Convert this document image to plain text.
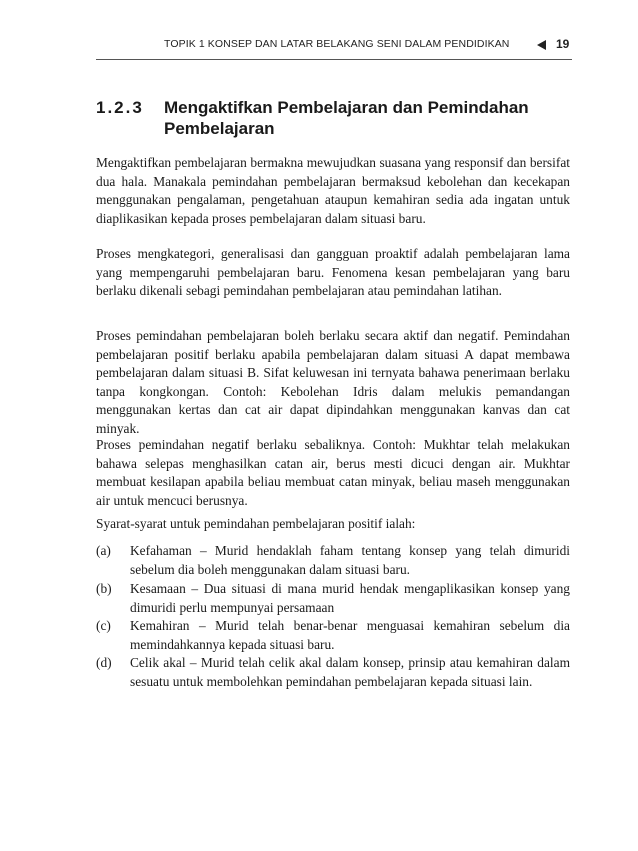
TOPIK 1 KONSEP DAN LATAR BELAKANG SENI DALAM PENDIDIKAN	19
1.2.3 Mengaktifkan Pembelajaran dan Pemindahan Pembelajaran

Mengaktifkan pembelajaran bermakna mewujudkan suasana yang responsif dan bersifat dua hala. Manakala pemindahan pembelajaran bermaksud kebolehan dan kecekapan menggunakan pengalaman, pengetahuan ataupun kemahiran sedia ada ingatan untuk diaplikasikan kepada proses pembelajaran dalam situasi baru.

Proses mengkategori, generalisasi dan gangguan proaktif adalah pembelajaran lama yang mempengaruhi pembelajaran baru. Fenomena kesan pembelajaran yang baru berlaku dikenali sebagi pemindahan pembelajaran atau pemindahan latihan.

Proses pemindahan pembelajaran boleh berlaku secara aktif dan negatif. Pemindahan pembelajaran positif berlaku apabila pembelajaran dalam situasi A dapat membawa pembelajaran dalam situasi B. Sifat keluwesan ini ternyata bahawa penerimaan berlaku tanpa kongkongan. Contoh: Kebolehan Idris dalam melukis pemandangan menggunakan kertas dan cat air dapat dipindahkan menggunakan kanvas dan cat minyak.

Proses pemindahan negatif berlaku sebaliknya. Contoh: Mukhtar telah melakukan bahawa selepas menghasilkan catan air, berus mesti dicuci dengan air. Mukhtar membuat kesilapan apabila beliau membuat catan minyak, beliau maseh menggunakan air untuk mencuci berusnya.

Syarat-syarat untuk pemindahan pembelajaran positif ialah:

(a) Kefahaman – Murid hendaklah faham tentang konsep yang telah dimuridi sebelum dia boleh menggunakan dalam situasi baru.
(b) Kesamaan – Dua situasi di mana murid hendak mengaplikasikan konsep yang dimuridi perlu mempunyai persamaan
(c) Kemahiran – Murid telah benar-benar menguasai kemahiran sebelum dia memindahkannya kepada situasi baru.
(d) Celik akal – Murid telah celik akal dalam konsep, prinsip atau kemahiran dalam sesuatu untuk membolehkan pemindahan pembelajaran kepada situasi lain.
